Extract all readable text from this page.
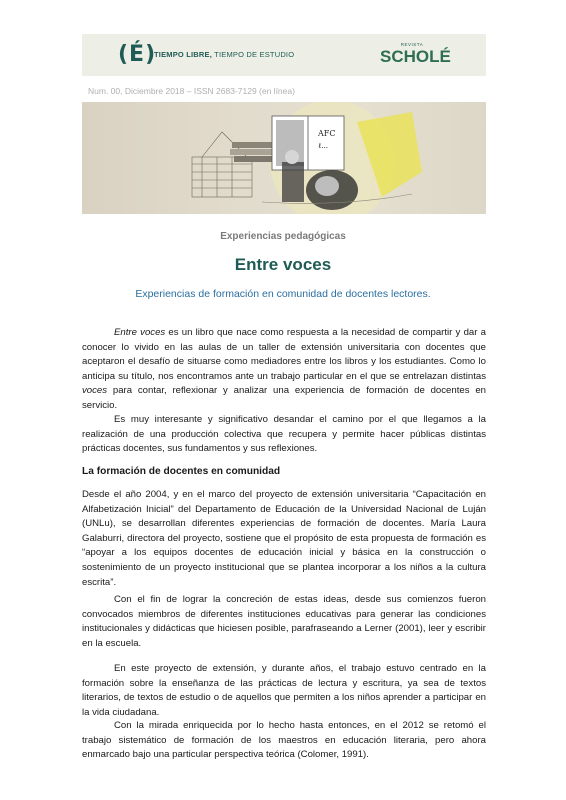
(É)
TIEMPO LIBRE, TIEMPO DE ESTUDIO
REVISTA
SCHOLÉ
Num. 00, Diciembre 2018 – ISSN 2683-7129 (en línea)
AFC
ℓ...
Experiencias pedagógicas
Entre voces
Experiencias de formación en comunidad de docentes lectores.

Entre voces es un libro que nace como respuesta a la necesidad de compartir y dar a conocer lo vivido en las aulas de un taller de extensión universitaria con docentes que aceptaron el desafío de situarse como mediadores entre los libros y los estudiantes. Como lo anticipa su título, nos encontramos ante un trabajo particular en el que se entrelazan distintas voces para contar, reflexionar y analizar una experiencia de formación de docentes en servicio.

Es muy interesante y significativo desandar el camino por el que llegamos a la realización de una producción colectiva que recupera y permite hacer públicas distintas prácticas docentes, sus fundamentos y sus reflexiones.

La formación de docentes en comunidad

Desde el año 2004, y en el marco del proyecto de extensión universitaria “Capacitación en Alfabetización Inicial” del Departamento de Educación de la Universidad Nacional de Luján (UNLu), se desarrollan diferentes experiencias de formación de docentes. María Laura Galaburri, directora del proyecto, sostiene que el propósito de esta propuesta de formación es “apoyar a los equipos docentes de educación inicial y básica en la construcción o sostenimiento de un proyecto institucional que se plantea incorporar a los niños a la cultura escrita”.

Con el fin de lograr la concreción de estas ideas, desde sus comienzos fueron convocados miembros de diferentes instituciones educativas para generar las condiciones institucionales y didácticas que hiciesen posible, parafraseando a Lerner (2001), leer y escribir en la escuela.

En este proyecto de extensión, y durante años, el trabajo estuvo centrado en la formación sobre la enseñanza de las prácticas de lectura y escritura, ya sea de textos literarios, de textos de estudio o de aquellos que permiten a los niños aprender a participar en la vida ciudadana.

Con la mirada enriquecida por lo hecho hasta entonces, en el 2012 se retomó el trabajo sistemático de formación de los maestros en educación literaria, pero ahora enmarcado bajo una particular perspectiva teórica (Colomer, 1991).
